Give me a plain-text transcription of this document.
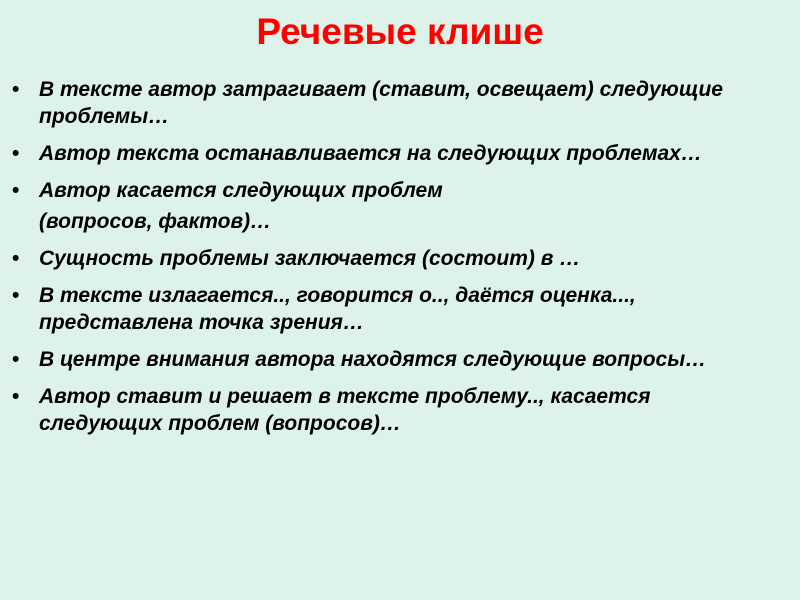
Речевые клише
• В тексте автор затрагивает (ставит, освещает) следующие проблемы…
• Автор текста останавливается на следующих проблемах…
• Автор касается следующих проблем
(вопросов, фактов)…
• Сущность проблемы заключается (состоит) в …
• В тексте излагается.., говорится о.., даётся оценка..., представлена точка зрения…
• В центре внимания автора находятся следующие вопросы…
• Автор ставит и решает в тексте проблему.., касается следующих проблем (вопросов)…
